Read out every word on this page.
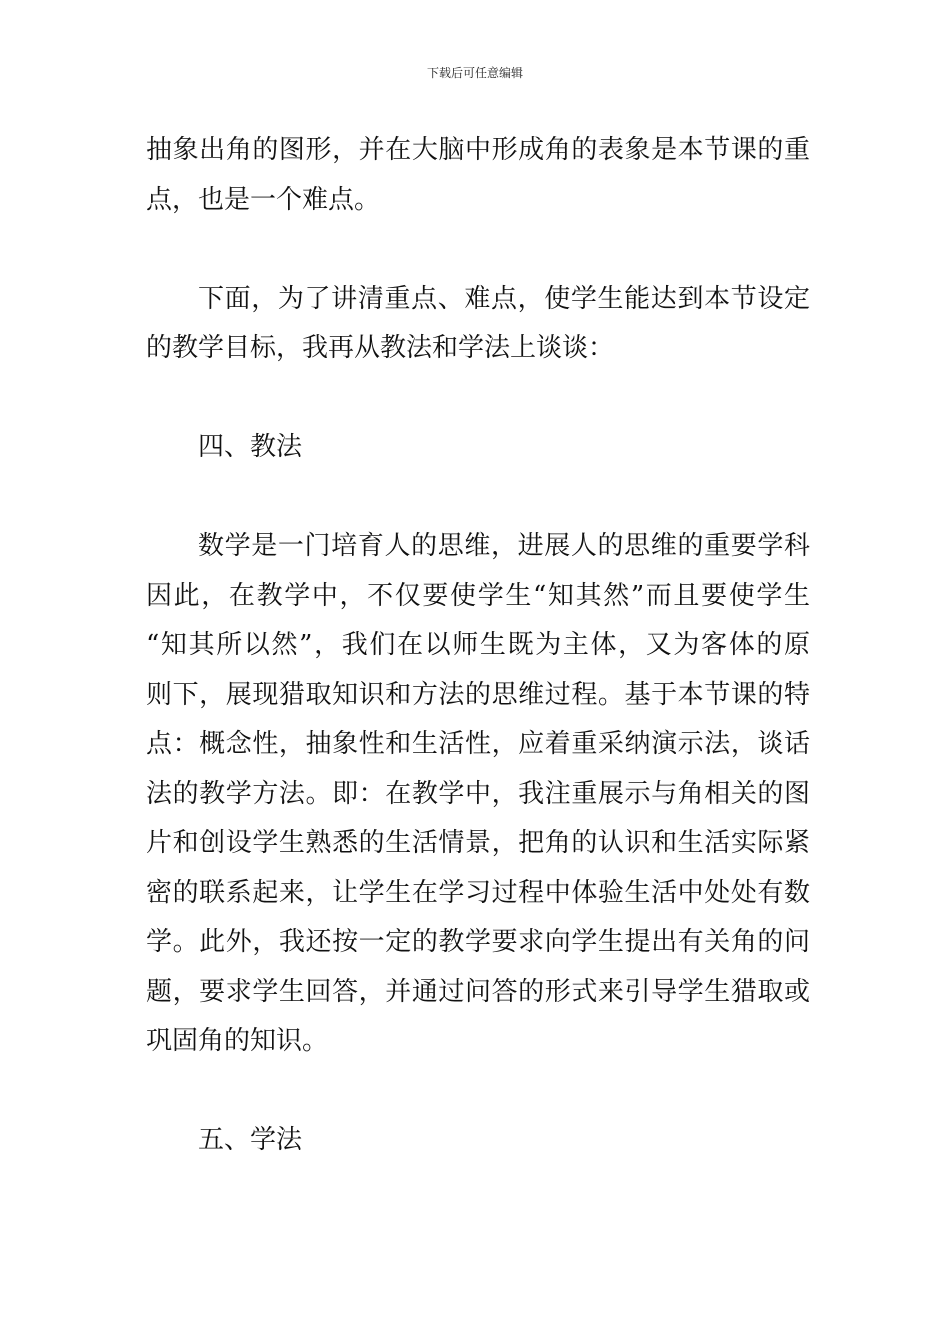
下载后可任意编辑
抽象出角的图形，并在大脑中形成角的表象是本节课的重
点，也是一个难点。
下面，为了讲清重点、难点，使学生能达到本节设定
的教学目标，我再从教法和学法上谈谈：
四、教法
数学是一门培育人的思维，进展人的思维的重要学科
因此，在教学中，不仅要使学生“知其然”而且要使学生
“知其所以然”，我们在以师生既为主体，又为客体的原
则下，展现猎取知识和方法的思维过程。基于本节课的特
点：概念性，抽象性和生活性，应着重采纳演示法，谈话
法的教学方法。即：在教学中，我注重展示与角相关的图
片和创设学生熟悉的生活情景，把角的认识和生活实际紧
密的联系起来，让学生在学习过程中体验生活中处处有数
学。此外，我还按一定的教学要求向学生提出有关角的问
题，要求学生回答，并通过问答的形式来引导学生猎取或
巩固角的知识。
五、学法
